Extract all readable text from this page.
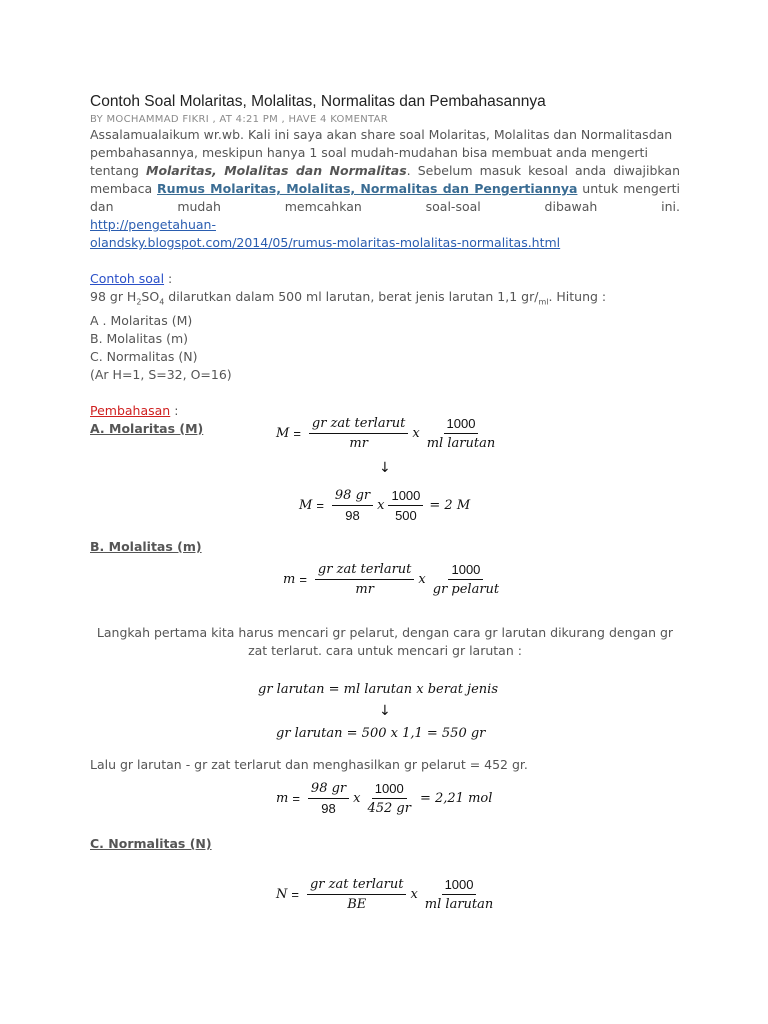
Contoh Soal Molaritas, Molalitas, Normalitas dan Pembahasannya
BY MOCHAMMAD FIKRI , AT 4:21 PM , HAVE 4 KOMENTAR

Assalamualaikum wr.wb. Kali ini saya akan share soal Molaritas, Molalitas dan Normalitasdan

pembahasannya, meskipun hanya 1 soal mudah-mudahan bisa membuat anda mengerti

tentang Molaritas, Molalitas dan Normalitas. Sebelum masuk kesoal anda diwajibkan

membaca Rumus Molaritas, Molalitas, Normalitas dan Pengertiannya untuk mengerti

dan mudah memcahkan soal-soal dibawah ini. http://pengetahuan-

olandsky.blogspot.com/2014/05/rumus-molaritas-molalitas-normalitas.html

Contoh soal :

98 gr $H_2SO_4$ dilarutkan dalam 500 ml larutan, berat jenis larutan 1,1 $gr/_{ml}$. Hitung :

A . Molaritas (M)

B. Molalitas (m)

C. Normalitas (N)

(Ar H=1, S=32, O=16)

Pembahasan :

A. Molaritas (M)	$M = \frac{\text{gr zat terlarut}}{mr}$ x $\frac{1000}{\text{ml larutan}}$
↓
$M = \frac{98 gr}{98}$ x $\frac{1000}{500} = 2$ M
B. Molalitas (m)
$m = \frac{\text{gr zat terlarut}}{mr}$ x $\frac{1000}{\text{gr pelarut}}$

Langkah pertama kita harus mencari gr pelarut, dengan cara gr larutan dikurang dengan gr

zat terlarut. cara untuk mencari gr larutan :

gr larutan = ml larutan x berat jenis
↓
gr larutan = 500 x 1,1 = 550 gr

Lalu gr larutan - gr zat terlarut dan menghasilkan gr pelarut = 452 gr.

$m = \frac{98 gr}{98}$ x $\frac{1000}{452 gr} = 2,21$ mol
C. Normalitas (N)
$N = \frac{\text{gr zat terlarut}}{BE}$ x $\frac{1000}{\text{ml larutan}}$
